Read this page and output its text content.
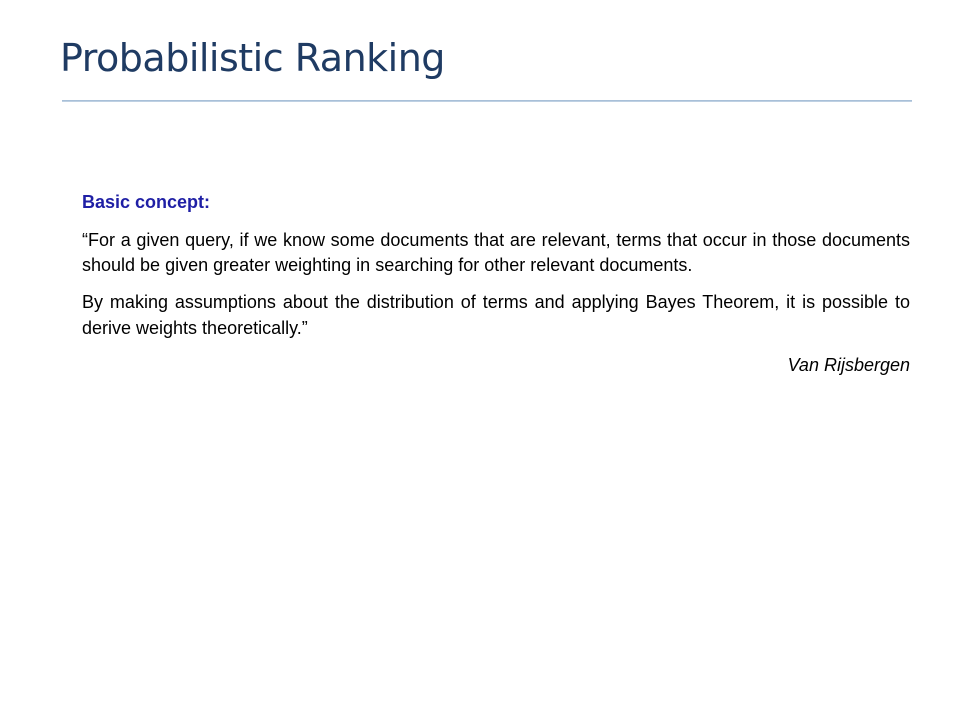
Probabilistic Ranking

Basic concept:

“For a given query, if we know some documents that are relevant, terms that occur in those documents should be given greater weighting in searching for other relevant documents.

By making assumptions about the distribution of terms and applying Bayes Theorem, it is possible to derive weights theoretically.”

Van Rijsbergen
